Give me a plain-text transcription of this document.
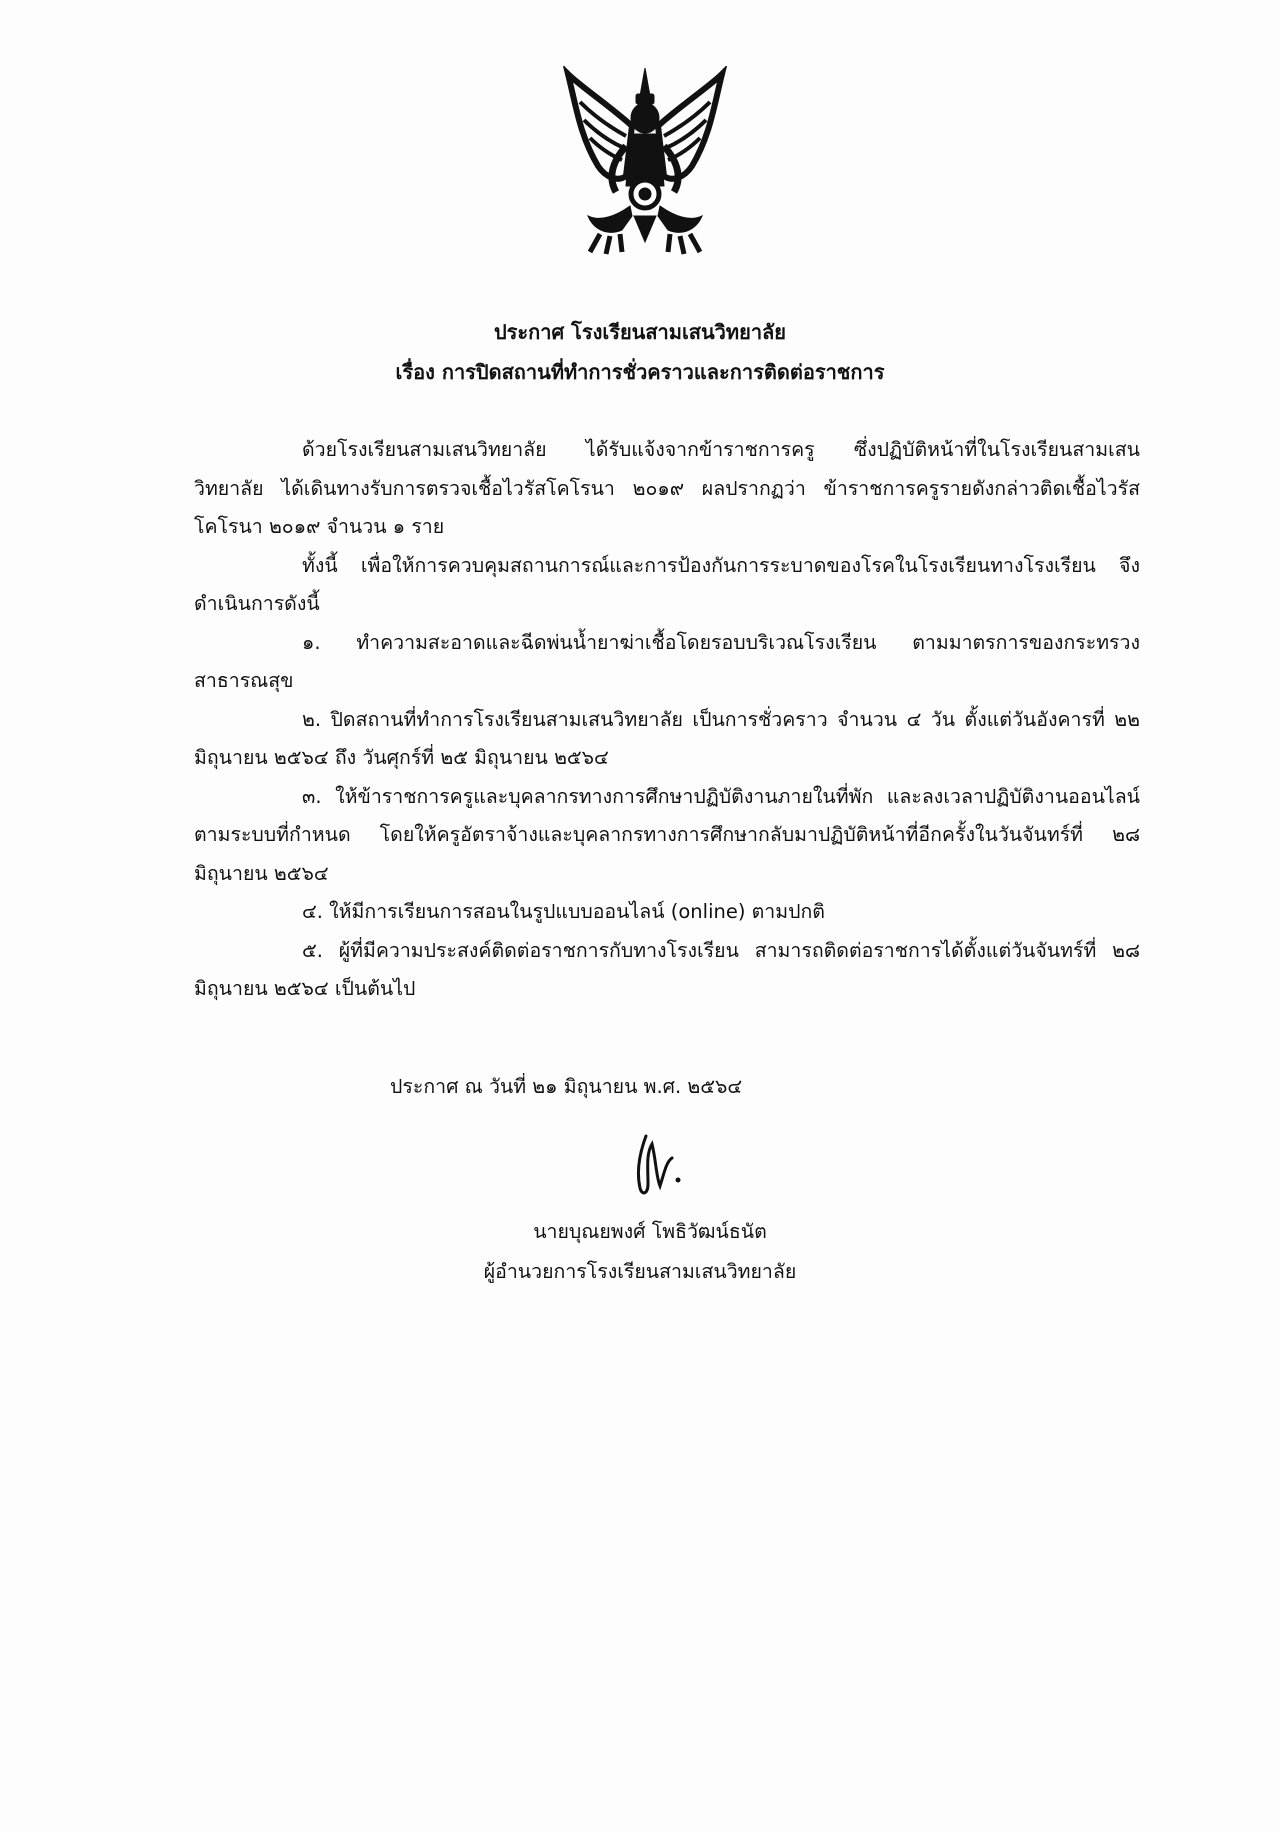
ประกาศ โรงเรียนสามเสนวิทยาลัย

เรื่อง การปิดสถานที่ทำการชั่วคราวและการติดต่อราชการ

ด้วยโรงเรียนสามเสนวิทยาลัย ได้รับแจ้งจากข้าราชการครู ซึ่งปฏิบัติหน้าที่ในโรงเรียนสามเสนวิทยาลัย ได้เดินทางรับการตรวจเชื้อไวรัสโคโรนา ๒๐๑๙ ผลปรากฏว่า ข้าราชการครูรายดังกล่าวติดเชื้อไวรัสโคโรนา ๒๐๑๙ จำนวน ๑ ราย

ทั้งนี้ เพื่อให้การควบคุมสถานการณ์และการป้องกันการระบาดของโรคในโรงเรียนทางโรงเรียน จึงดำเนินการดังนี้

๑. ทำความสะอาดและฉีดพ่นน้ำยาฆ่าเชื้อโดยรอบบริเวณโรงเรียน ตามมาตรการของกระทรวงสาธารณสุข

๒. ปิดสถานที่ทำการโรงเรียนสามเสนวิทยาลัย เป็นการชั่วคราว จำนวน ๔ วัน ตั้งแต่วันอังคารที่ ๒๒ มิถุนายน ๒๕๖๔ ถึง วันศุกร์ที่ ๒๕ มิถุนายน ๒๕๖๔

๓. ให้ข้าราชการครูและบุคลากรทางการศึกษาปฏิบัติงานภายในที่พัก และลงเวลาปฏิบัติงานออนไลน์ตามระบบที่กำหนด โดยให้ครูอัตราจ้างและบุคลากรทางการศึกษากลับมาปฏิบัติหน้าที่อีกครั้งในวันจันทร์ที่ ๒๘ มิถุนายน ๒๕๖๔

๔. ให้มีการเรียนการสอนในรูปแบบออนไลน์ (online) ตามปกติ

๕. ผู้ที่มีความประสงค์ติดต่อราชการกับทางโรงเรียน สามารถติดต่อราชการได้ตั้งแต่วันจันทร์ที่ ๒๘ มิถุนายน ๒๕๖๔ เป็นต้นไป

ประกาศ ณ วันที่ ๒๑ มิถุนายน พ.ศ. ๒๕๖๔

นายบุณยพงศ์ โพธิวัฒน์ธนัต

ผู้อำนวยการโรงเรียนสามเสนวิทยาลัย
